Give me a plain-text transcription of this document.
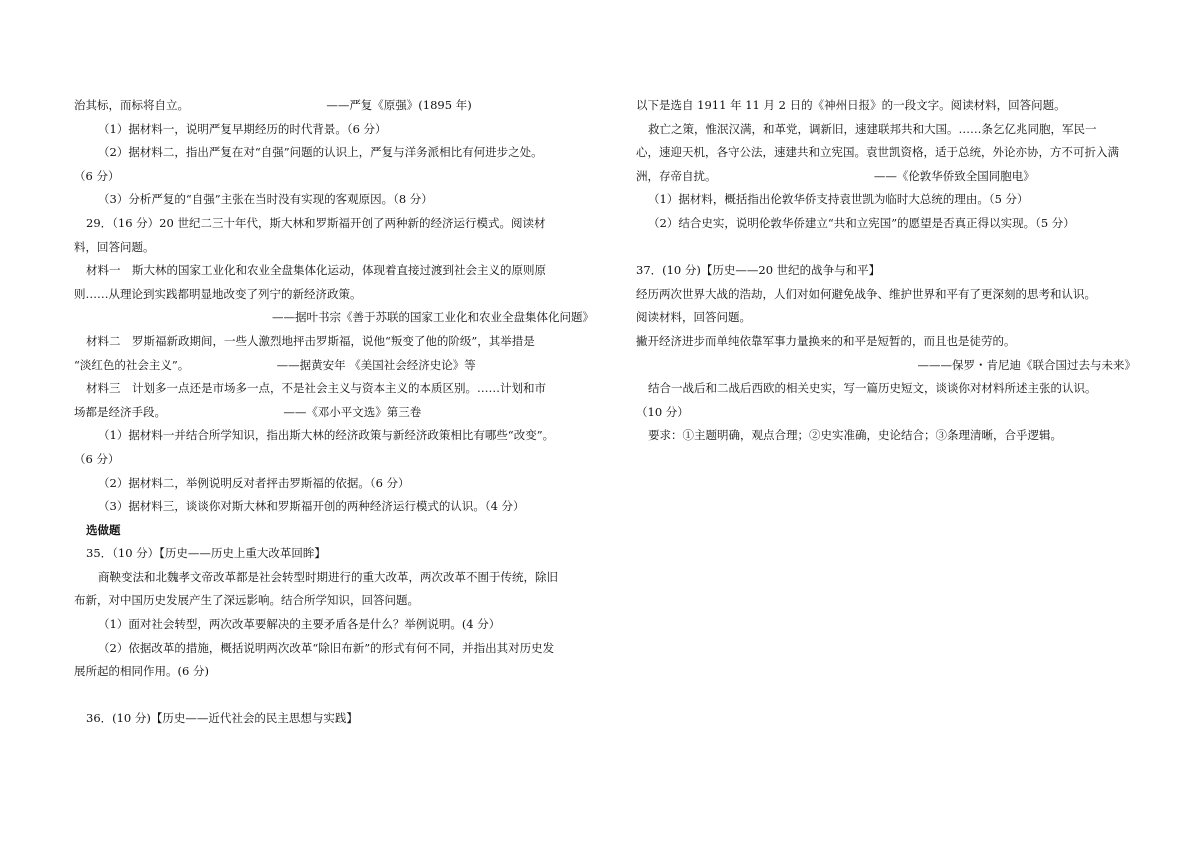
治其标，而标将自立。	——严复《原强》(1895 年)
（1）据材料一，说明严复早期经历的时代背景。（6 分）
（2）据材料二，指出严复在对“自强”问题的认识上，严复与洋务派相比有何进步之处。
（6 分）
（3）分析严复的“自强”主张在当时没有实现的客观原因。（8 分）
29．（16 分）20 世纪二三十年代，斯大林和罗斯福开创了两种新的经济运行模式。阅读材
料，回答问题。
材料一　斯大林的国家工业化和农业全盘集体化运动，体现着直接过渡到社会主义的原则原
则……从理论到实践都明显地改变了列宁的新经济政策。
——据叶书宗《善于苏联的国家工业化和农业全盘集体化问题》
材料二　罗斯福新政期间，一些人激烈地抨击罗斯福，说他“叛变了他的阶级”，其举措是
“淡红色的社会主义”。	——据黄安年 《美国社会经济史论》等
材料三　计划多一点还是市场多一点，不是社会主义与资本主义的本质区别。……计划和市
场都是经济手段。	——《邓小平文选》第三卷
（1）据材料一并结合所学知识，指出斯大林的经济政策与新经济政策相比有哪些“改变”。
（6 分）
（2）据材料二，举例说明反对者抨击罗斯福的依据。（6 分）
（3）据材料三，谈谈你对斯大林和罗斯福开创的两种经济运行模式的认识。（4 分）
选做题
35．（10 分）【历史——历史上重大改革回眸】
商鞅变法和北魏孝文帝改革都是社会转型时期进行的重大改革，两次改革不囿于传统，除旧
布新，对中国历史发展产生了深远影响。结合所学知识，回答问题。
（1）面对社会转型，两次改革要解决的主要矛盾各是什么？举例说明。(4 分）
（2）依据改革的措施，概括说明两次改革“除旧布新”的形式有何不同，并指出其对历史发
展所起的相同作用。(6 分)
36．(10 分)【历史——近代社会的民主思想与实践】
以下是选自 1911 年 11 月 2 日的《神州日报》的一段文字。阅读材料，回答问题。
救亡之策，惟泯汉满，和革党，调新旧，速建联邦共和大国。……条乞亿兆同胞，军民一
心，速迎天机，各守公法，速建共和立宪国。袁世凯资格，适于总统，外论亦协，方不可折入满
洲，存帝自扰。	——《伦敦华侨致全国同胞电》
（1）据材料，概括指出伦敦华侨支持袁世凯为临时大总统的理由。（5 分）
（2）结合史实，说明伦敦华侨建立“共和立宪国”的愿望是否真正得以实现。（5 分）
37．(10 分)【历史——20 世纪的战争与和平】
经历两次世界大战的浩劫，人们对如何避免战争、维护世界和平有了更深刻的思考和认识。
阅读材料，回答问题。
撇开经济进步而单纯依靠军事力量换来的和平是短暂的，而且也是徒劳的。
———保罗・肯尼迪《联合国过去与未来》
结合一战后和二战后西欧的相关史实，写一篇历史短文，谈谈你对材料所述主张的认识。
（10 分）
要求：①主题明确，观点合理；②史实准确，史论结合；③条理清晰，合乎逻辑。
